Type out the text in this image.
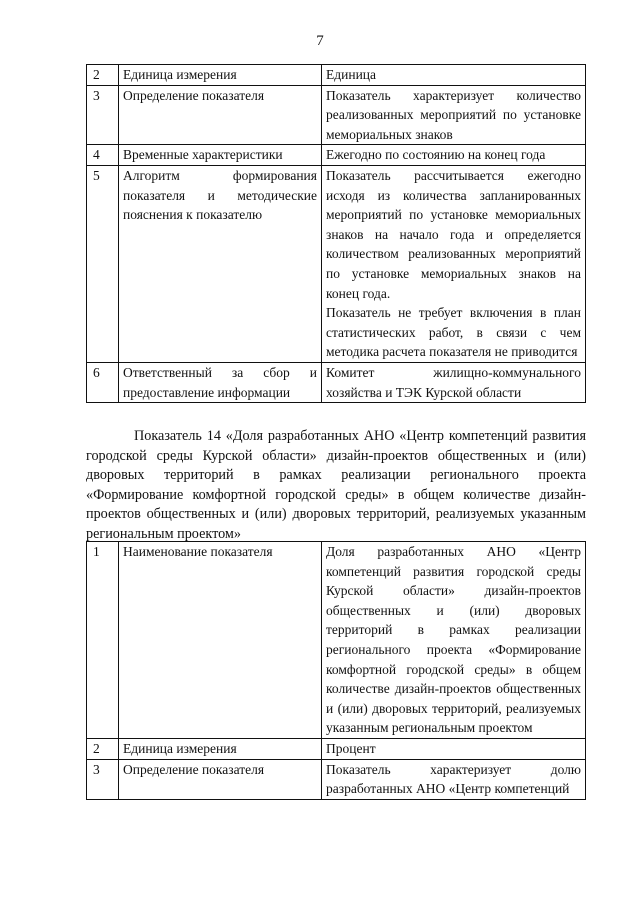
7
2	Единица измерения	Единица
3	Определение показателя	Показатель характеризует количество реализованных мероприятий по установке мемориальных знаков
4	Временные характеристики	Ежегодно по состоянию на конец года
5	Алгоритм формирования показателя и методические пояснения к показателю	Показатель рассчитывается ежегодно исходя из количества запланированных мероприятий по установке мемориальных знаков на начало года и определяется количеством реализованных мероприятий по установке мемориальных знаков на конец года.
Показатель не требует включения в план статистических работ, в связи с чем методика расчета показателя не приводится

6	Ответственный за сбор и предоставление информации	Комитет жилищно-коммунального хозяйства и ТЭК Курской области
Показатель 14 «Доля разработанных АНО «Центр компетенций развития городской среды Курской области» дизайн-проектов общественных и (или) дворовых территорий в рамках реализации регионального проекта «Формирование комфортной городской среды» в общем количестве дизайн-проектов общественных и (или) дворовых территорий, реализуемых указанным региональным проектом»
1	Наименование показателя	Доля разработанных АНО «Центр компетенций развития городской среды Курской области» дизайн-проектов общественных и (или) дворовых территорий в рамках реализации регионального проекта «Формирование комфортной городской среды» в общем количестве дизайн-проектов общественных и (или) дворовых территорий, реализуемых указанным региональным проектом
2	Единица измерения	Процент
3	Определение показателя	Показатель характеризует долю разработанных АНО «Центр компетенций
